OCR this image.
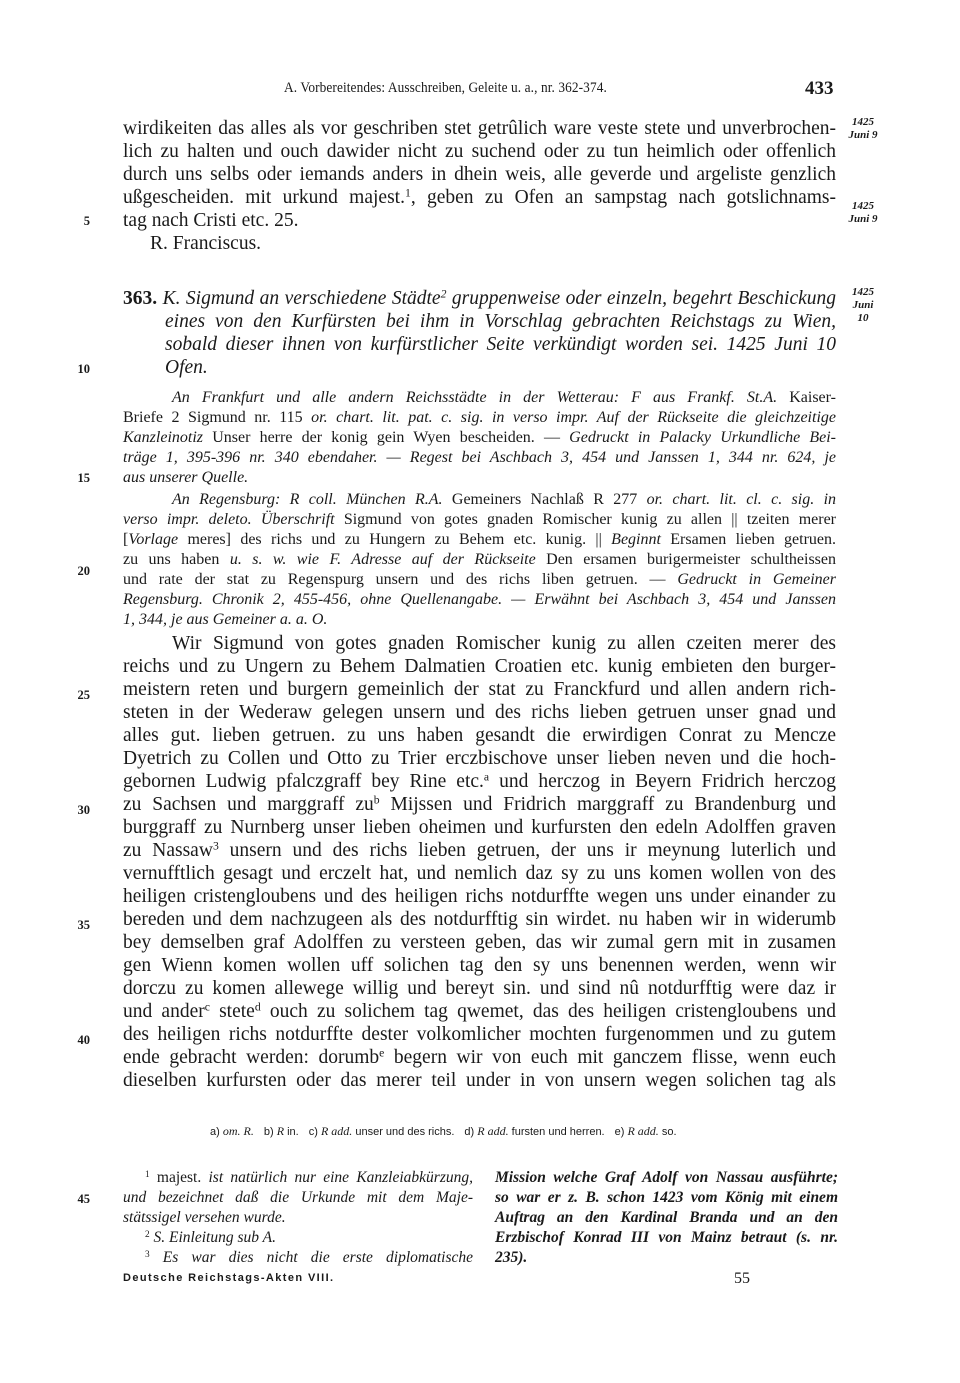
A. Vorbereitendes: Ausschreiben, Geleite u. a., nr. 362-374.	433
wirdikeiten das alles als vor geschriben stet getrûlich ware veste stete und unverbrochen-
lich zu halten und ouch dawider nicht zu suchend oder zu tun heimlich oder offenlich
durch uns selbs oder iemands anders in dhein weis, alle geverde und argeliste genzlich
ußgescheiden. mit urkund majest.$^1$, geben zu Ofen an sampstag nach gotslichnams-
tag nach Cristi etc. 25.
R. Franciscus.
1425
Juni 9
1425
Juni 9
5
363. K. Sigmund an verschiedene Städte$^2$ gruppenweise oder einzeln, begehrt Beschickung
eines von den Kurfürsten bei ihm in Vorschlag gebrachten Reichstags zu Wien,
sobald dieser ihnen von kurfürstlicher Seite verkündigt worden sei. 1425 Juni 10
Ofen.
1425
Juni 10
10
An Frankfurt und alle andern Reichsstädte in der Wetterau: F aus Frankf. St.A. Kaiser-
Briefe 2 Sigmund nr. 115 or. chart. lit. pat. c. sig. in verso impr. Auf der Rückseite die gleichzeitige
Kanzleinotiz Unser herre der konig gein Wyen bescheiden. — Gedruckt in Palacky Urkundliche Bei-
träge 1, 395-396 nr. 340 ebendaher. — Regest bei Aschbach 3, 454 und Janssen 1, 344 nr. 624, je
aus unserer Quelle.
15
An Regensburg: R coll. München R.A. Gemeiners Nachlaß R 277 or. chart. lit. cl. c. sig. in
verso impr. deleto. Überschrift Sigmund von gotes gnaden Romischer kunig zu allen || tzeiten merer
[Vorlage meres] des richs und zu Hungern zu Behem etc. kunig. || Beginnt Ersamen lieben getruen.
zu uns haben u. s. w. wie F. Adresse auf der Rückseite Den ersamen burigermeister schultheissen
und rate der stat zu Regenspurg unsern und des richs liben getruen. — Gedruckt in Gemeiner
Regensburg. Chronik 2, 455-456, ohne Quellenangabe. — Erwähnt bei Aschbach 3, 454 und Janssen
1, 344, je aus Gemeiner a. a. O.
20
Wir Sigmund von gotes gnaden Romischer kunig zu allen czeiten merer des
reichs und zu Ungern zu Behem Dalmatien Croatien etc. kunig embieten den burger-
meistern reten und burgern gemeinlich der stat zu Franckfurd und allen andern rich-
steten in der Wederaw gelegen unsern und des richs lieben getruen unser gnad und
alles gut. lieben getruen. zu uns haben gesandt die erwirdigen Conrat zu Mencze
Dyetrich zu Collen und Otto zu Trier erczbischove unser lieben neven und die hoch-
gebornen Ludwig pfalczgraff bey Rine etc.$^a$ und herczog in Beyern Fridrich herczog
zu Sachsen und marggraff $zu^b$ Mijssen und Fridrich marggraff zu Brandenburg und
burggraff zu Nurnberg unser lieben oheimen und kurfursten den edeln Adolffen graven
zu Nassaw$^3$ unsern und des richs lieben getruen, der uns ir meynung luterlich und
vernufftlich gesagt und erczelt hat, und nemlich daz sy zu uns komen wollen von des
heiligen cristengloubens und des heiligen richs notdurffte wegen uns under einander zu
bereden und dem nachzugeen als des notdurfftig sin wirdet. nu haben wir in widerumb
bey demselben graf Adolffen zu versteen geben, das wir zumal gern mit in zusamen
gen Wienn komen wollen uff solichen tag den sy uns benennen werden, wenn wir
dorczu zu komen allewege willig und bereyt sin. und sind nû notdurfftig were daz ir
und ander$^c$ stete$^d$ ouch zu solichem tag qwemet, das des heiligen cristengloubens und
des heiligen richs notdurffte dester volkomlicher mochten furgenommen und zu gutem
ende gebracht werden: dorumb$^e$ begern wir von euch mit ganczem flisse, wenn euch
dieselben kurfursten oder das merer teil under in von unsern wegen solichen tag als
25
30
35
40
a) om. R. b) R in. c) R add. unser und des richs. d) R add. fursten und herren. e) R add. so.
$^1$ majest. ist natürlich nur eine Kanzleiabkürzung,
und bezeichnet daß die Urkunde mit dem Maje-
stätssigel versehen wurde.
$^2$ S. Einleitung sub A.
$^3$ Es war dies nicht die erste diplomatische
45
Mission welche Graf Adolf von Nassau ausführte;
so war er z. B. schon 1423 vom König mit einem
Auftrag an den Kardinal Branda und an den
Erzbischof Konrad III von Mainz betraut (s. nr.
235).
Deutsche Reichstags-Akten VIII.	55
